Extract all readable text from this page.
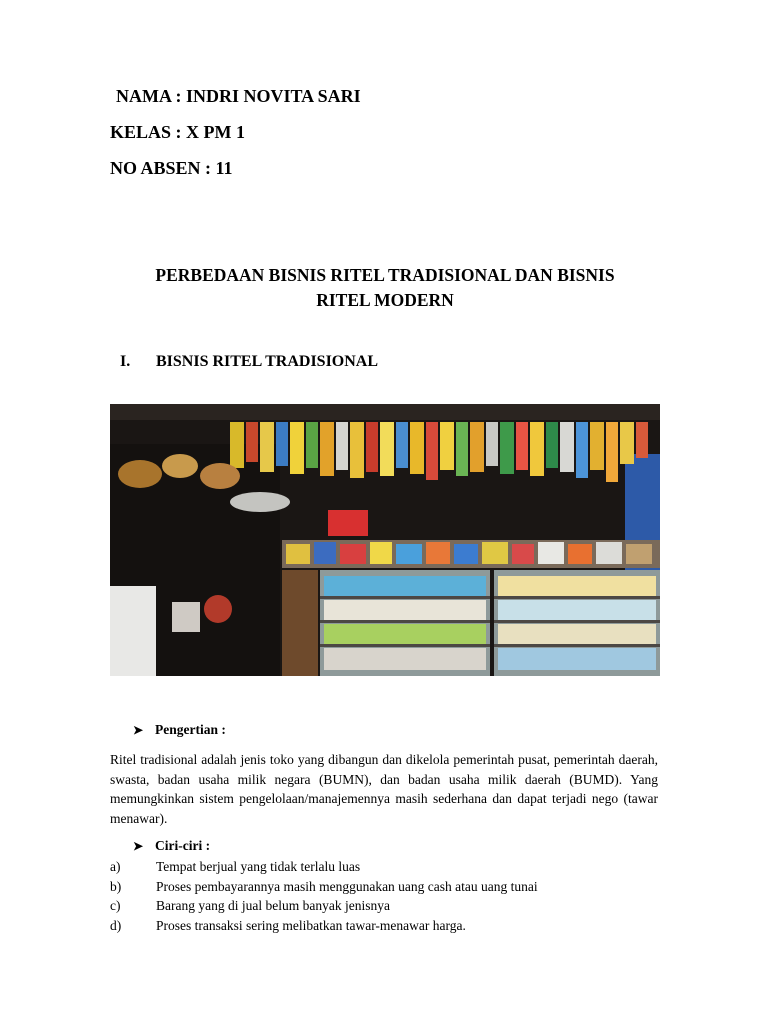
NAMA : INDRI NOVITA SARI
KELAS : X PM 1
NO ABSEN : 11
PERBEDAAN BISNIS RITEL TRADISIONAL DAN BISNIS
RITEL MODERN
I. BISNIS RITEL TRADISIONAL
➤ Pengertian :
Ritel tradisional adalah jenis toko yang dibangun dan dikelola pemerintah pusat, pemerintah daerah, swasta, badan usaha milik negara (BUMN), dan badan usaha milik daerah (BUMD). Yang memungkinkan sistem pengelolaan/manajemennya masih sederhana dan dapat terjadi nego (tawar menawar).
➤ Ciri-ciri :
a)	Tempat berjual yang tidak terlalu luas
b)	Proses pembayarannya masih menggunakan uang cash atau uang tunai
c)	Barang yang di jual belum banyak jenisnya
d)	Proses transaksi sering melibatkan tawar-menawar harga.
